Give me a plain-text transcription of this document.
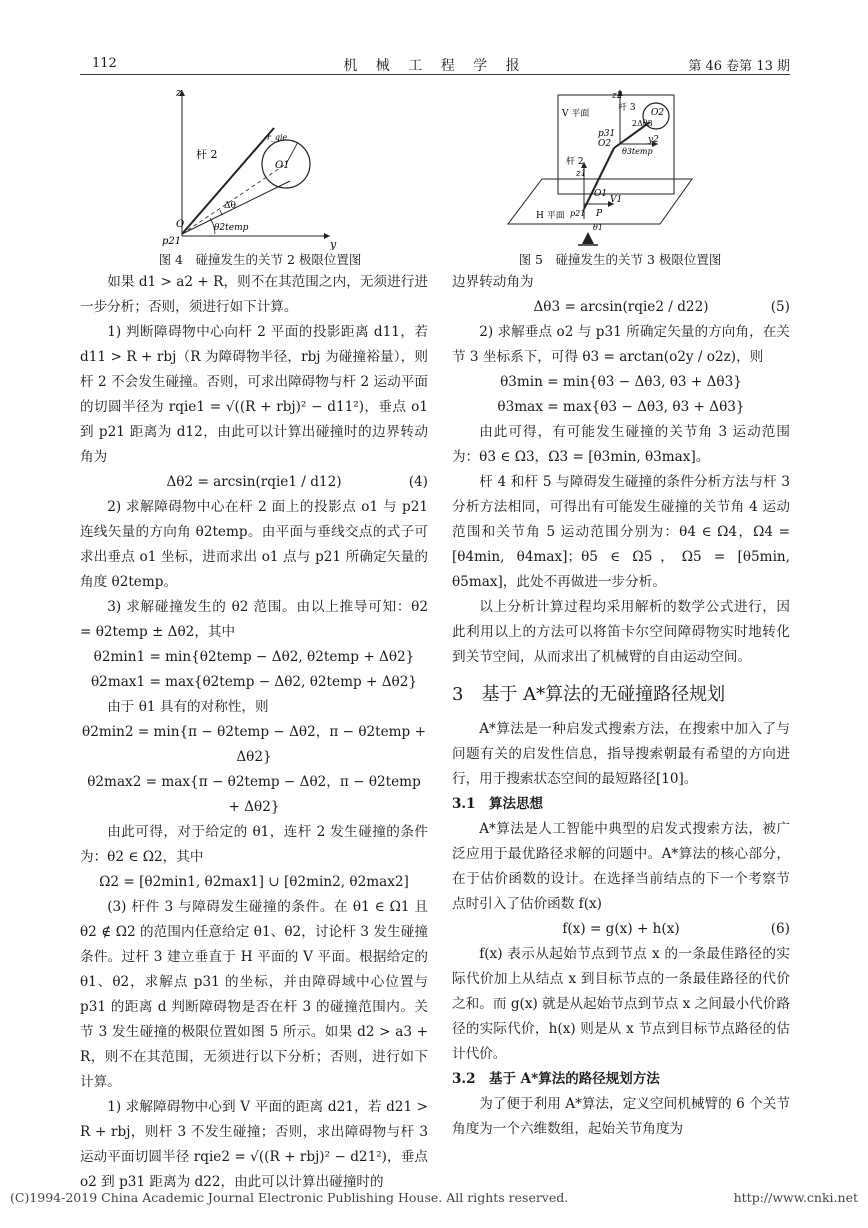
112	机 械 工 程 学 报	第 46 卷第 13 期
z
y
杆 2
r_qie
O1
O
Δθ
θ2temp
p21
图 4　碰撞发生的关节 2 极限位置图
z2
V 平面
杆 3 O2
2Δθ3
p31
O2	y2
θ3temp
杆 2
z1
O1
H 平面 p21 P
V1
θ1
图 5　碰撞发生的关节 3 极限位置图

如果 d1 > a2 + R，则不在其范围之内，无须进行进一步分析；否则，须进行如下计算。

1) 判断障碍物中心向杆 2 平面的投影距离 d11，若 d11 > R + rbj（R 为障碍物半径，rbj 为碰撞裕量），则杆 2 不会发生碰撞。否则，可求出障碍物与杆 2 运动平面的切圆半径为 rqie1 = √((R + rbj)² − d11²)，垂点 o1 到 p21 距离为 d12，由此可以计算出碰撞时的边界转动角为

Δθ2 = arcsin(rqie1 / d12)	(4)

2) 求解障碍物中心在杆 2 面上的投影点 o1 与 p21 连线矢量的方向角 θ2temp。由平面与垂线交点的式子可求出垂点 o1 坐标，进而求出 o1 点与 p21 所确定矢量的角度 θ2temp。

3) 求解碰撞发生的 θ2 范围。由以上推导可知：θ2 = θ2temp ± Δθ2，其中

θ2min1 = min{θ2temp − Δθ2, θ2temp + Δθ2}

θ2max1 = max{θ2temp − Δθ2, θ2temp + Δθ2}

由于 θ1 具有的对称性，则

θ2min2 = min{π − θ2temp − Δθ2，π − θ2temp + Δθ2}

θ2max2 = max{π − θ2temp − Δθ2，π − θ2temp + Δθ2}

由此可得，对于给定的 θ1，连杆 2 发生碰撞的条件为：θ2 ∈ Ω2，其中

Ω2 = [θ2min1, θ2max1] ∪ [θ2min2, θ2max2]

(3) 杆件 3 与障碍发生碰撞的条件。在 θ1 ∈ Ω1 且 θ2 ∉ Ω2 的范围内任意给定 θ1、θ2，讨论杆 3 发生碰撞条件。过杆 3 建立垂直于 H 平面的 V 平面。根据给定的 θ1、θ2，求解点 p31 的坐标，并由障碍域中心位置与 p31 的距离 d 判断障碍物是否在杆 3 的碰撞范围内。关节 3 发生碰撞的极限位置如图 5 所示。如果 d2 > a3 + R，则不在其范围，无须进行以下分析；否则，进行如下计算。

1) 求解障碍物中心到 V 平面的距离 d21，若 d21 > R + rbj，则杆 3 不发生碰撞；否则，求出障碍物与杆 3 运动平面切圆半径 rqie2 = √((R + rbj)² − d21²)，垂点 o2 到 p31 距离为 d22，由此可以计算出碰撞时的

边界转动角为

Δθ3 = arcsin(rqie2 / d22)	(5)

2) 求解垂点 o2 与 p31 所确定矢量的方向角，在关节 3 坐标系下，可得 θ3 = arctan(o2y / o2z)，则

θ3min = min{θ3 − Δθ3, θ3 + Δθ3}

θ3max = max{θ3 − Δθ3, θ3 + Δθ3}

由此可得，有可能发生碰撞的关节角 3 运动范围为：θ3 ∈ Ω3，Ω3 = [θ3min, θ3max]。

杆 4 和杆 5 与障碍发生碰撞的条件分析方法与杆 3 分析方法相同，可得出有可能发生碰撞的关节角 4 运动范围和关节角 5 运动范围分别为：θ4 ∈ Ω4，Ω4 = [θ4min, θ4max]；θ5 ∈ Ω5，Ω5 = [θ5min, θ5max]，此处不再做进一步分析。

以上分析计算过程均采用解析的数学公式进行，因此利用以上的方法可以将笛卡尔空间障碍物实时地转化到关节空间，从而求出了机械臂的自由运动空间。

3　基于 A*算法的无碰撞路径规划

A*算法是一种启发式搜索方法，在搜索中加入了与问题有关的启发性信息，指导搜索朝最有希望的方向进行，用于搜索状态空间的最短路径[10]。

3.1　算法思想

A*算法是人工智能中典型的启发式搜索方法，被广泛应用于最优路径求解的问题中。A*算法的核心部分，在于估价函数的设计。在选择当前结点的下一个考察节点时引入了估价函数 f(x)

f(x) = g(x) + h(x)	(6)

f(x) 表示从起始节点到节点 x 的一条最佳路径的实际代价加上从结点 x 到目标节点的一条最佳路径的代价之和。而 g(x) 就是从起始节点到节点 x 之间最小代价路径的实际代价，h(x) 则是从 x 节点到目标节点路径的估计代价。

3.2　基于 A*算法的路径规划方法

为了便于利用 A*算法，定义空间机械臂的 6 个关节角度为一个六维数组，起始关节角度为

(C)1994-2019 China Academic Journal Electronic Publishing House. All rights reserved.	http://www.cnki.net
